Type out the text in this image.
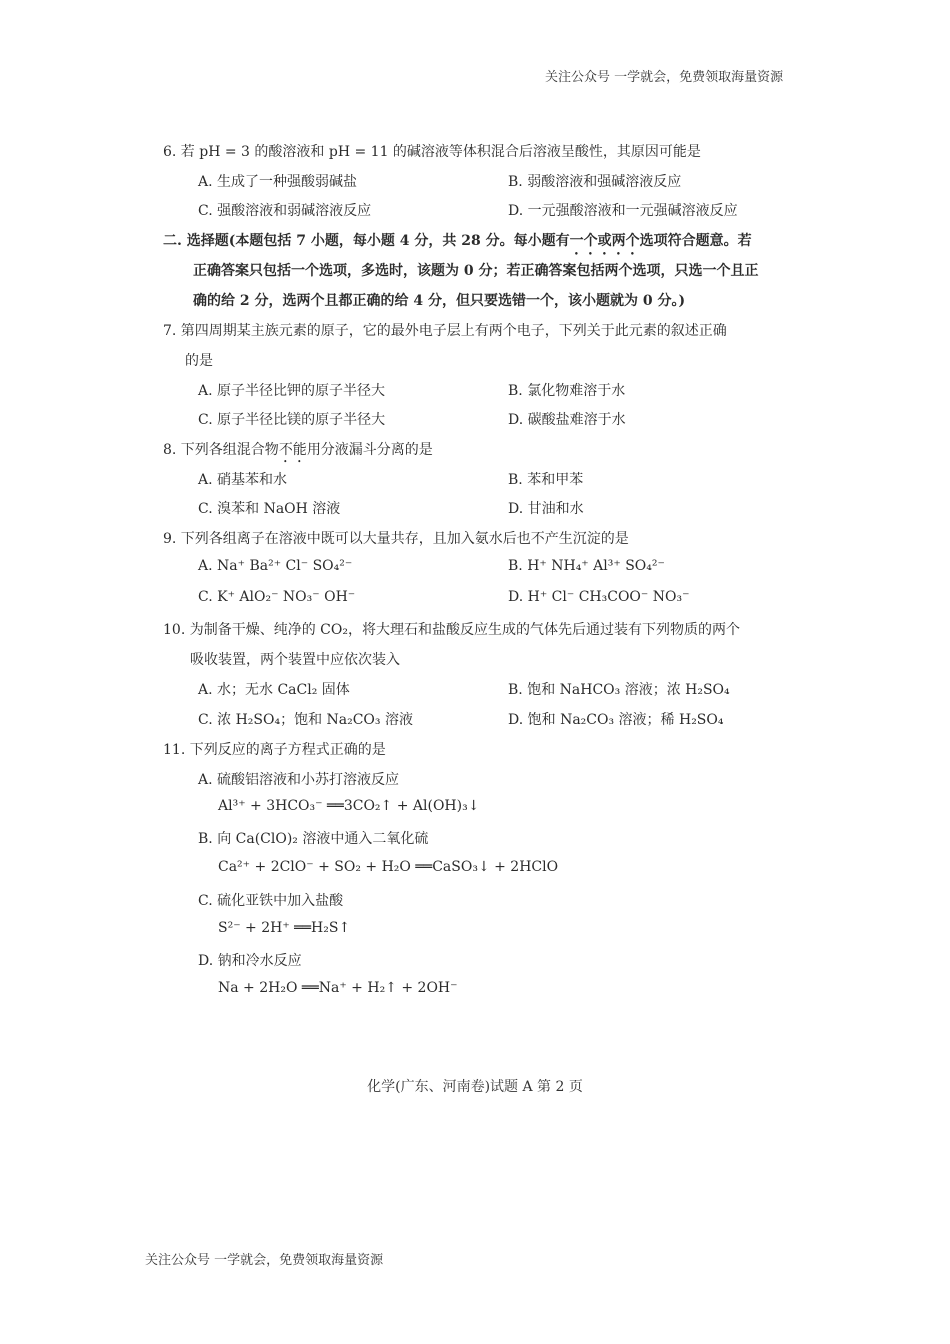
关注公众号 一学就会，免费领取海量资源
6. 若 pH = 3 的酸溶液和 pH = 11 的碱溶液等体积混合后溶液呈酸性，其原因可能是
A. 生成了一种强酸弱碱盐	B. 弱酸溶液和强碱溶液反应
C. 强酸溶液和弱碱溶液反应	D. 一元强酸溶液和一元强碱溶液反应
二. 选择题(本题包括 7 小题，每小题 4 分，共 28 分。每小题有一个或两个选项符合题意。若
正确答案只包括一个选项，多选时，该题为 0 分；若正确答案包括两个选项，只选一个且正
确的给 2 分，选两个且都正确的给 4 分，但只要选错一个，该小题就为 0 分。)
7. 第四周期某主族元素的原子，它的最外电子层上有两个电子，下列关于此元素的叙述正确
的是
A. 原子半径比钾的原子半径大	B. 氯化物难溶于水
C. 原子半径比镁的原子半径大	D. 碳酸盐难溶于水
8. 下列各组混合物不能用分液漏斗分离的是
A. 硝基苯和水	B. 苯和甲苯
C. 溴苯和 NaOH 溶液	D. 甘油和水
9. 下列各组离子在溶液中既可以大量共存，且加入氨水后也不产生沉淀的是
A. Na⁺ Ba²⁺ Cl⁻ SO₄²⁻	B. H⁺ NH₄⁺ Al³⁺ SO₄²⁻
C. K⁺ AlO₂⁻ NO₃⁻ OH⁻	D. H⁺ Cl⁻ CH₃COO⁻ NO₃⁻
10. 为制备干燥、纯净的 CO₂，将大理石和盐酸反应生成的气体先后通过装有下列物质的两个
吸收装置，两个装置中应依次装入
A. 水；无水 CaCl₂ 固体	B. 饱和 NaHCO₃ 溶液；浓 H₂SO₄
C. 浓 H₂SO₄；饱和 Na₂CO₃ 溶液	D. 饱和 Na₂CO₃ 溶液；稀 H₂SO₄
11. 下列反应的离子方程式正确的是
A. 硫酸铝溶液和小苏打溶液反应
Al³⁺ + 3HCO₃⁻ ══3CO₂↑ + Al(OH)₃↓
B. 向 Ca(ClO)₂ 溶液中通入二氧化硫
Ca²⁺ + 2ClO⁻ + SO₂ + H₂O ══CaSO₃↓ + 2HClO
C. 硫化亚铁中加入盐酸
S²⁻ + 2H⁺ ══H₂S↑
D. 钠和冷水反应
Na + 2H₂O ══Na⁺ + H₂↑ + 2OH⁻
化学(广东、河南卷)试题 A 第 2 页
关注公众号 一学就会，免费领取海量资源
